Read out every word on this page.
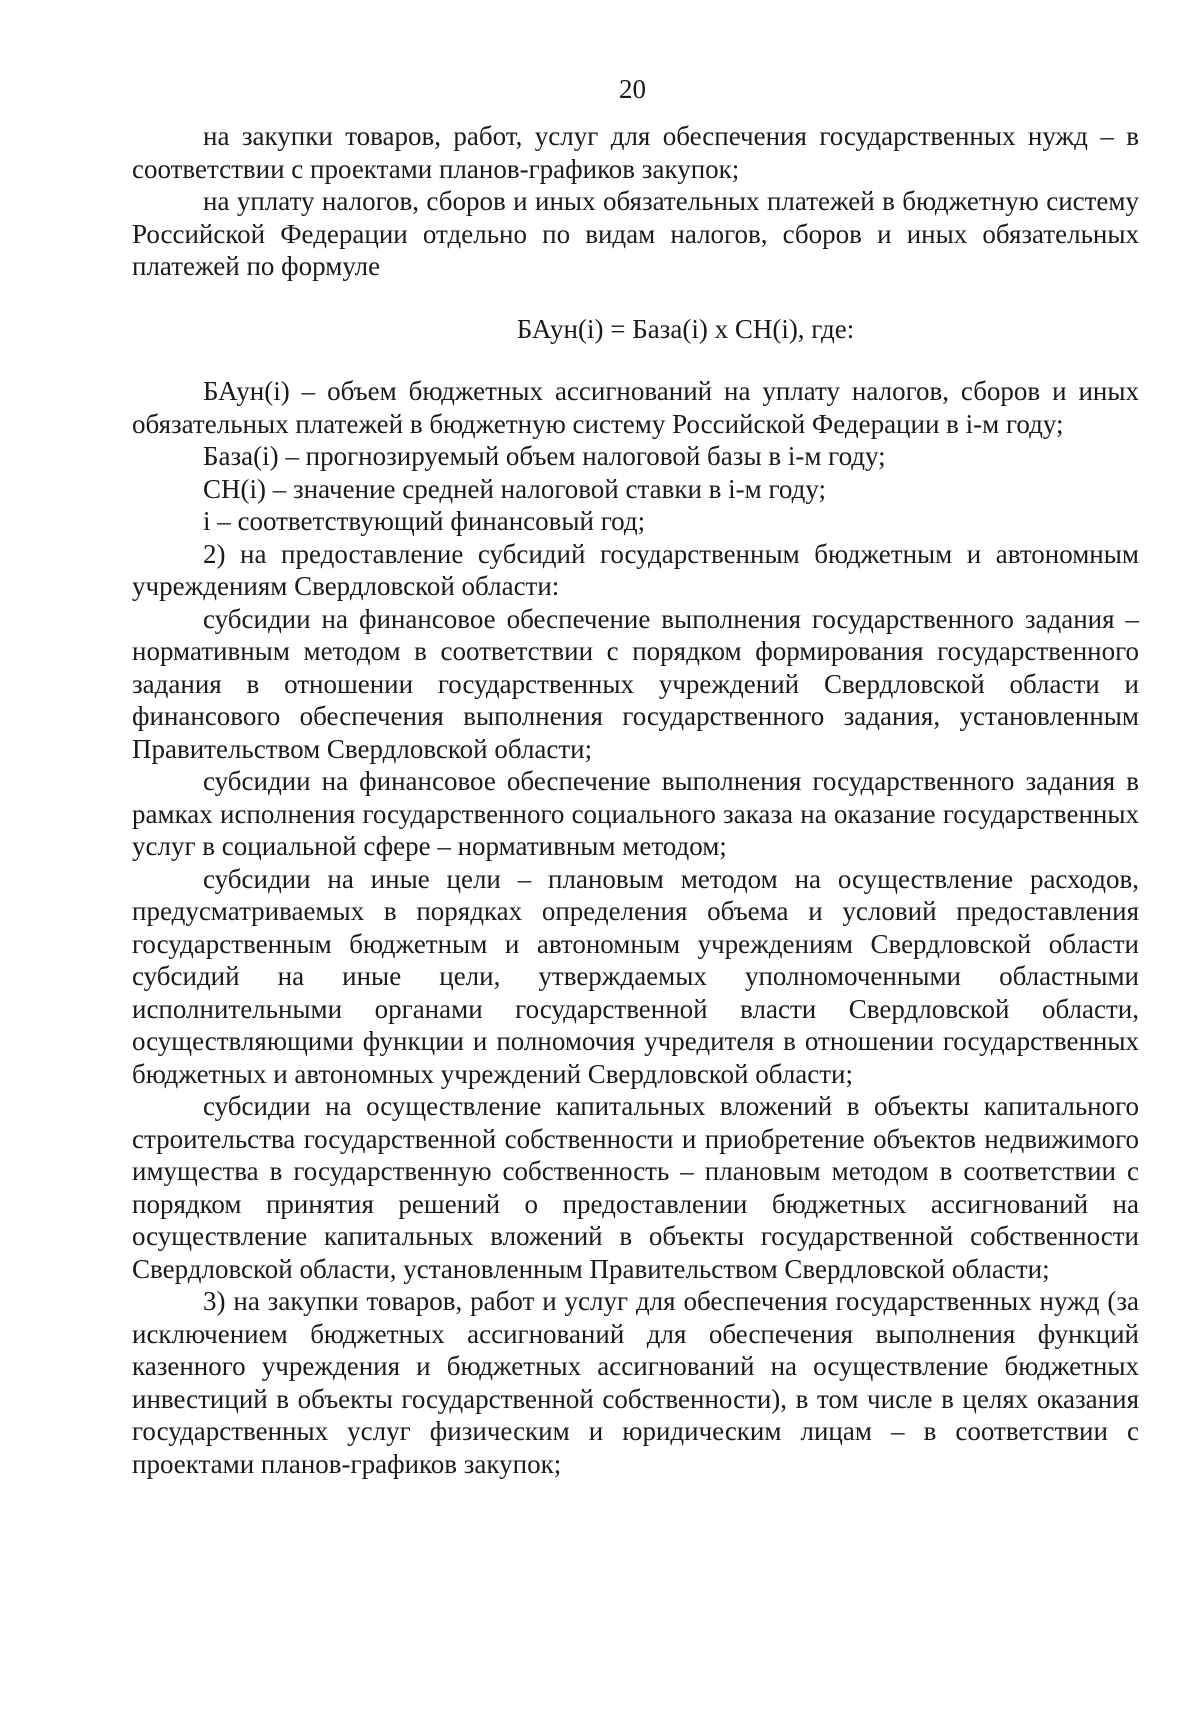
20

на закупки товаров, работ, услуг для обеспечения государственных нужд – в соответствии с проектами планов-графиков закупок;

на уплату налогов, сборов и иных обязательных платежей в бюджетную систему Российской Федерации отдельно по видам налогов, сборов и иных обязательных платежей по формуле

БАун(i) = База(i) x СН(i), где:

БАун(i) – объем бюджетных ассигнований на уплату налогов, сборов и иных обязательных платежей в бюджетную систему Российской Федерации в i-м году;

База(i) – прогнозируемый объем налоговой базы в i-м году;

СН(i) – значение средней налоговой ставки в i-м году;

i – соответствующий финансовый год;

2) на предоставление субсидий государственным бюджетным и автономным учреждениям Свердловской области:

субсидии на финансовое обеспечение выполнения государственного задания – нормативным методом в соответствии с порядком формирования государственного задания в отношении государственных учреждений Свердловской области и финансового обеспечения выполнения государственного задания, установленным Правительством Свердловской области;

субсидии на финансовое обеспечение выполнения государственного задания в рамках исполнения государственного социального заказа на оказание государственных услуг в социальной сфере – нормативным методом;

субсидии на иные цели – плановым методом на осуществление расходов, предусматриваемых в порядках определения объема и условий предоставления государственным бюджетным и автономным учреждениям Свердловской области субсидий на иные цели, утверждаемых уполномоченными областными исполнительными органами государственной власти Свердловской области, осуществляющими функции и полномочия учредителя в отношении государственных бюджетных и автономных учреждений Свердловской области;

субсидии на осуществление капитальных вложений в объекты капитального строительства государственной собственности и приобретение объектов недвижимого имущества в государственную собственность – плановым методом в соответствии с порядком принятия решений о предоставлении бюджетных ассигнований на осуществление капитальных вложений в объекты государственной собственности Свердловской области, установленным Правительством Свердловской области;

3) на закупки товаров, работ и услуг для обеспечения государственных нужд (за исключением бюджетных ассигнований для обеспечения выполнения функций казенного учреждения и бюджетных ассигнований на осуществление бюджетных инвестиций в объекты государственной собственности), в том числе в целях оказания государственных услуг физическим и юридическим лицам – в соответствии с проектами планов-графиков закупок;
